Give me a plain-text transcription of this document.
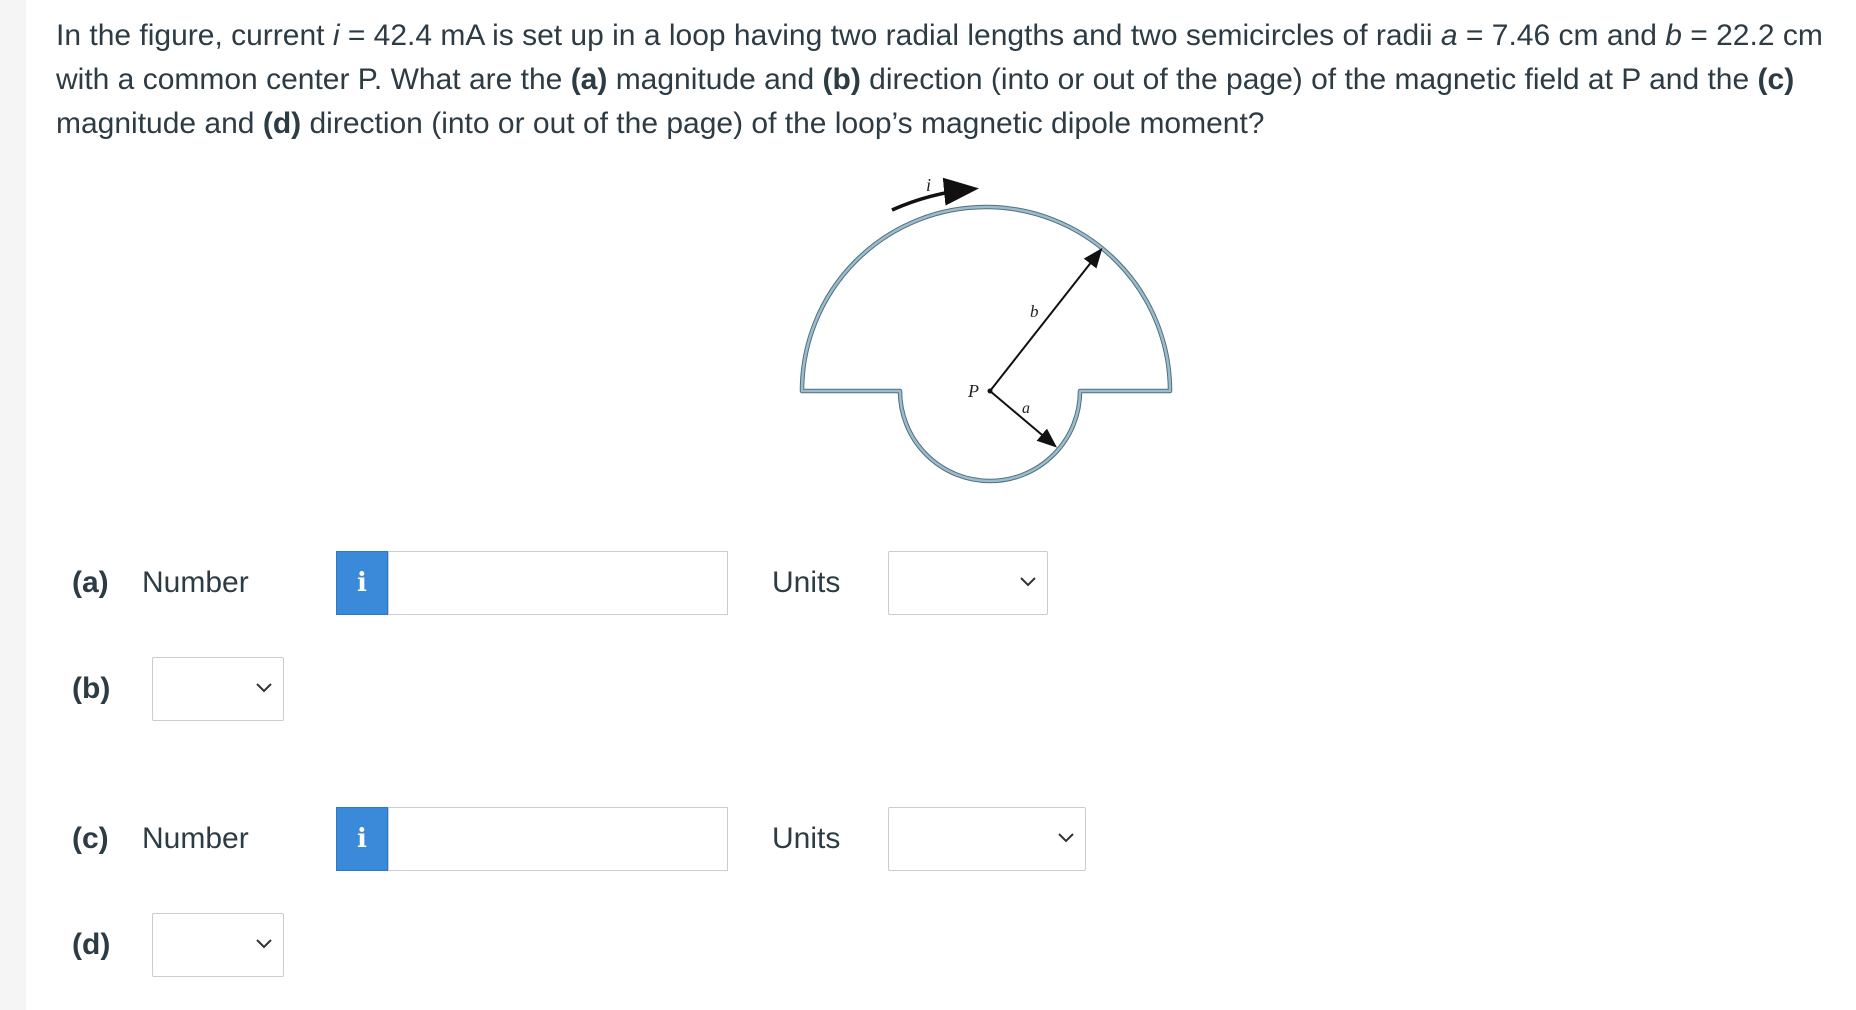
In the figure, current i = 42.4 mA is set up in a loop having two radial lengths and two semicircles of radii a = 7.46 cm and b = 22.2 cm
with a common center P. What are the (a) magnitude and (b) direction (into or out of the page) of the magnetic field at P and the (c)
magnitude and (d) direction (into or out of the page) of the loop’s magnetic dipole moment?
i
b
a
P
(a) Number	i	Units
(b)
(c) Number	i	Units
(d)
